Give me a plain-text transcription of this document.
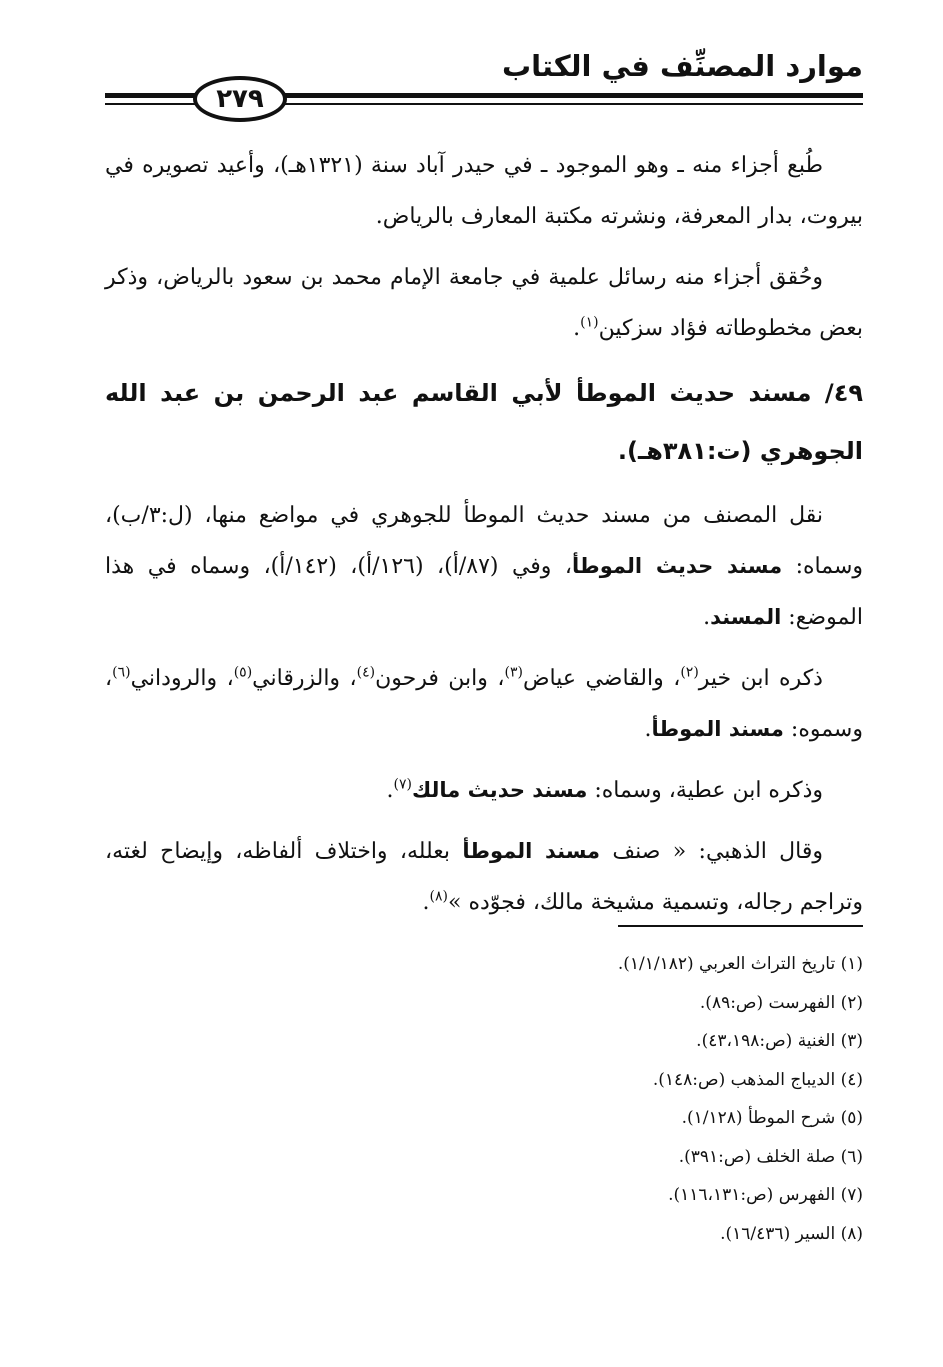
موارد المصنِّف في الكتاب
٢٧٩

طُبع أجزاء منه ـ وهو الموجود ـ في حيدر آباد سنة (١٣٢١هـ)، وأعيد تصويره في بيروت، بدار المعرفة، ونشرته مكتبة المعارف بالرياض.

وحُقق أجزاء منه رسائل علمية في جامعة الإمام محمد بن سعود بالرياض، وذكر بعض مخطوطاته فؤاد سزكين$^{(١)}$.

٤٩/ مسند حديث الموطأ لأبي القاسم عبد الرحمن بن عبد الله الجوهري (ت:٣٨١هـ).

نقل المصنف من مسند حديث الموطأ للجوهري في مواضع منها، (ل:٣/ب)، وسماه: مسند حديث الموطأ، وفي (٨٧/أ)، (١٢٦/أ)، (١٤٢/أ)، وسماه في هذا الموضع: المسند.

ذكره ابن خير$^{(٢)}$، والقاضي عياض$^{(٣)}$، وابن فرحون$^{(٤)}$، والزرقاني$^{(٥)}$، والروداني$^{(٦)}$، وسموه: مسند الموطأ.

وذكره ابن عطية، وسماه: مسند حديث مالك$^{(٧)}$.

وقال الذهبي: « صنف مسند الموطأ بعلله، واختلاف ألفاظه، وإيضاح لغته، وتراجم رجاله، وتسمية مشيخة مالك، فجوّده »$^{(٨)}$.

(١) تاريخ التراث العربي (١/١/١٨٢).
(٢) الفهرست (ص:٨٩).
(٣) الغنية (ص:٤٣،١٩٨).
(٤) الديباج المذهب (ص:١٤٨).
(٥) شرح الموطأ (١/١٢٨).
(٦) صلة الخلف (ص:٣٩١).
(٧) الفهرس (ص:١١٦،١٣١).
(٨) السير (١٦/٤٣٦).
